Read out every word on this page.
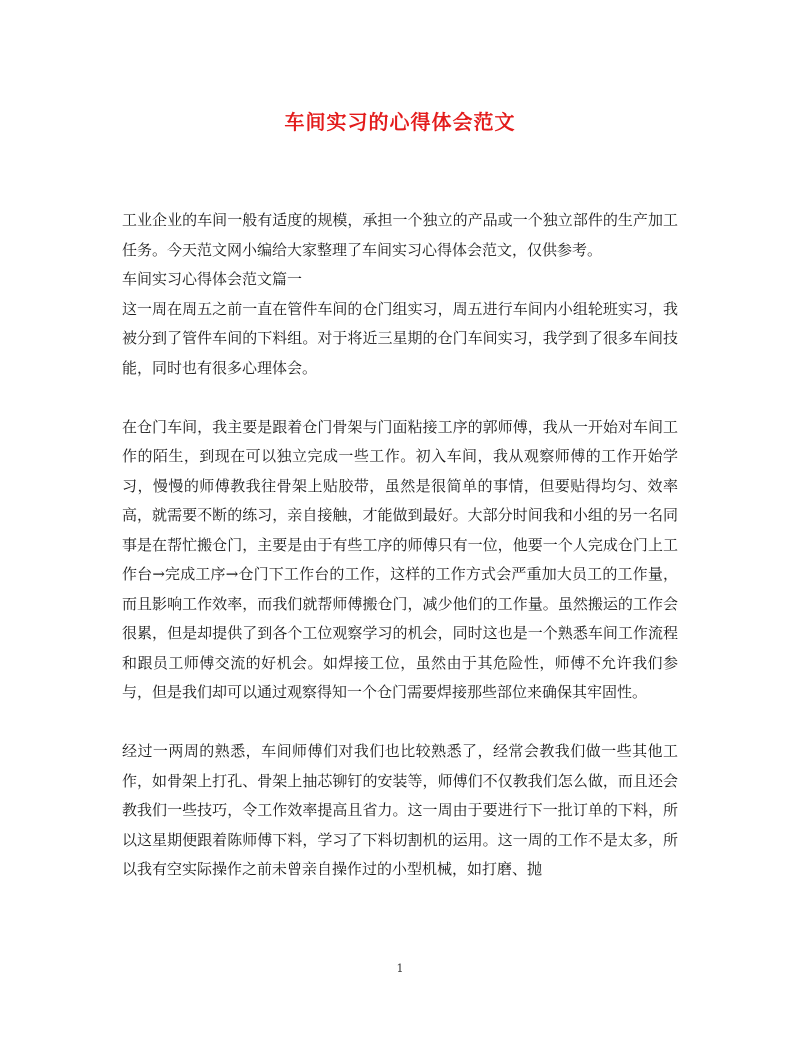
车间实习的心得体会范文

工业企业的车间一般有适度的规模，承担一个独立的产品或一个独立部件的生产加工任务。今天范文网小编给大家整理了车间实习心得体会范文，仅供参考。

车间实习心得体会范文篇一

这一周在周五之前一直在管件车间的仓门组实习，周五进行车间内小组轮班实习，我被分到了管件车间的下料组。对于将近三星期的仓门车间实习，我学到了很多车间技能，同时也有很多心理体会。

在仓门车间，我主要是跟着仓门骨架与门面粘接工序的郭师傅，我从一开始对车间工作的陌生，到现在可以独立完成一些工作。初入车间，我从观察师傅的工作开始学习，慢慢的师傅教我往骨架上贴胶带，虽然是很简单的事情，但要贴得均匀、效率高，就需要不断的练习，亲自接触，才能做到最好。大部分时间我和小组的另一名同事是在帮忙搬仓门，主要是由于有些工序的师傅只有一位，他要一个人完成仓门上工作台→完成工序→仓门下工作台的工作，这样的工作方式会严重加大员工的工作量，而且影响工作效率，而我们就帮师傅搬仓门，减少他们的工作量。虽然搬运的工作会很累，但是却提供了到各个工位观察学习的机会，同时这也是一个熟悉车间工作流程和跟员工师傅交流的好机会。如焊接工位，虽然由于其危险性，师傅不允许我们参与，但是我们却可以通过观察得知一个仓门需要焊接那些部位来确保其牢固性。

经过一两周的熟悉，车间师傅们对我们也比较熟悉了，经常会教我们做一些其他工作，如骨架上打孔、骨架上抽芯铆钉的安装等，师傅们不仅教我们怎么做，而且还会教我们一些技巧，令工作效率提高且省力。这一周由于要进行下一批订单的下料，所以这星期便跟着陈师傅下料，学习了下料切割机的运用。这一周的工作不是太多，所以我有空实际操作之前未曾亲自操作过的小型机械，如打磨、抛

1
